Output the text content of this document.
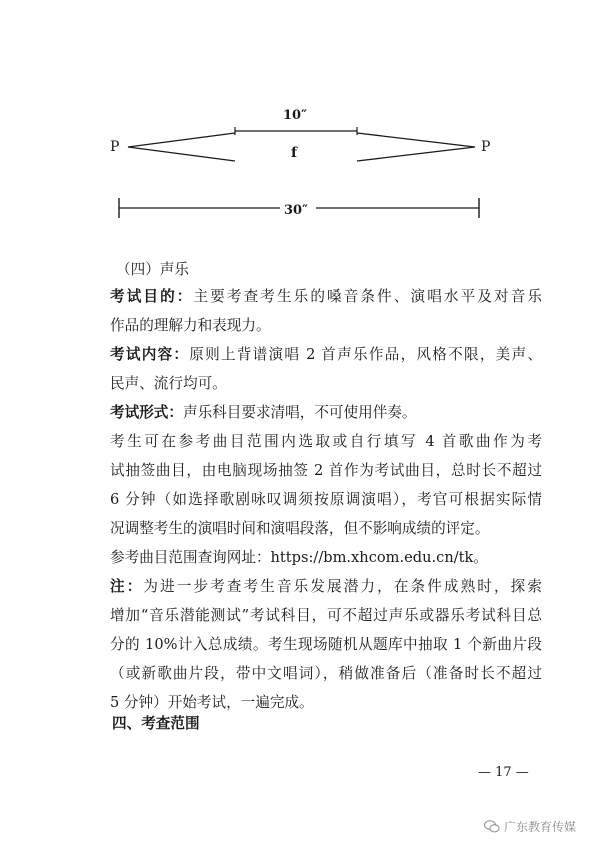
P	P
f
10″
30″

（四）声乐

考试目的：主要考查考生乐的嗓音条件、演唱水平及对音乐
作品的理解力和表现力。
考试内容：原则上背谱演唱 2 首声乐作品，风格不限，美声、
民声、流行均可。
考试形式：声乐科目要求清唱，不可使用伴奏。
考生可在参考曲目范围内选取或自行填写 4 首歌曲作为考
试抽签曲目，由电脑现场抽签 2 首作为考试曲目，总时长不超过
6 分钟（如选择歌剧咏叹调须按原调演唱），考官可根据实际情
况调整考生的演唱时间和演唱段落，但不影响成绩的评定。
参考曲目范围查询网址：https://bm.xhcom.edu.cn/tk。
注：为进一步考查考生音乐发展潜力，在条件成熟时，探索
增加“音乐潜能测试”考试科目，可不超过声乐或器乐考试科目总
分的 10%计入总成绩。考生现场随机从题库中抽取 1 个新曲片段
（或新歌曲片段，带中文唱词），稍做准备后（准备时长不超过
5 分钟）开始考试，一遍完成。

四、考查范围

— 17 —
广东教育传媒
